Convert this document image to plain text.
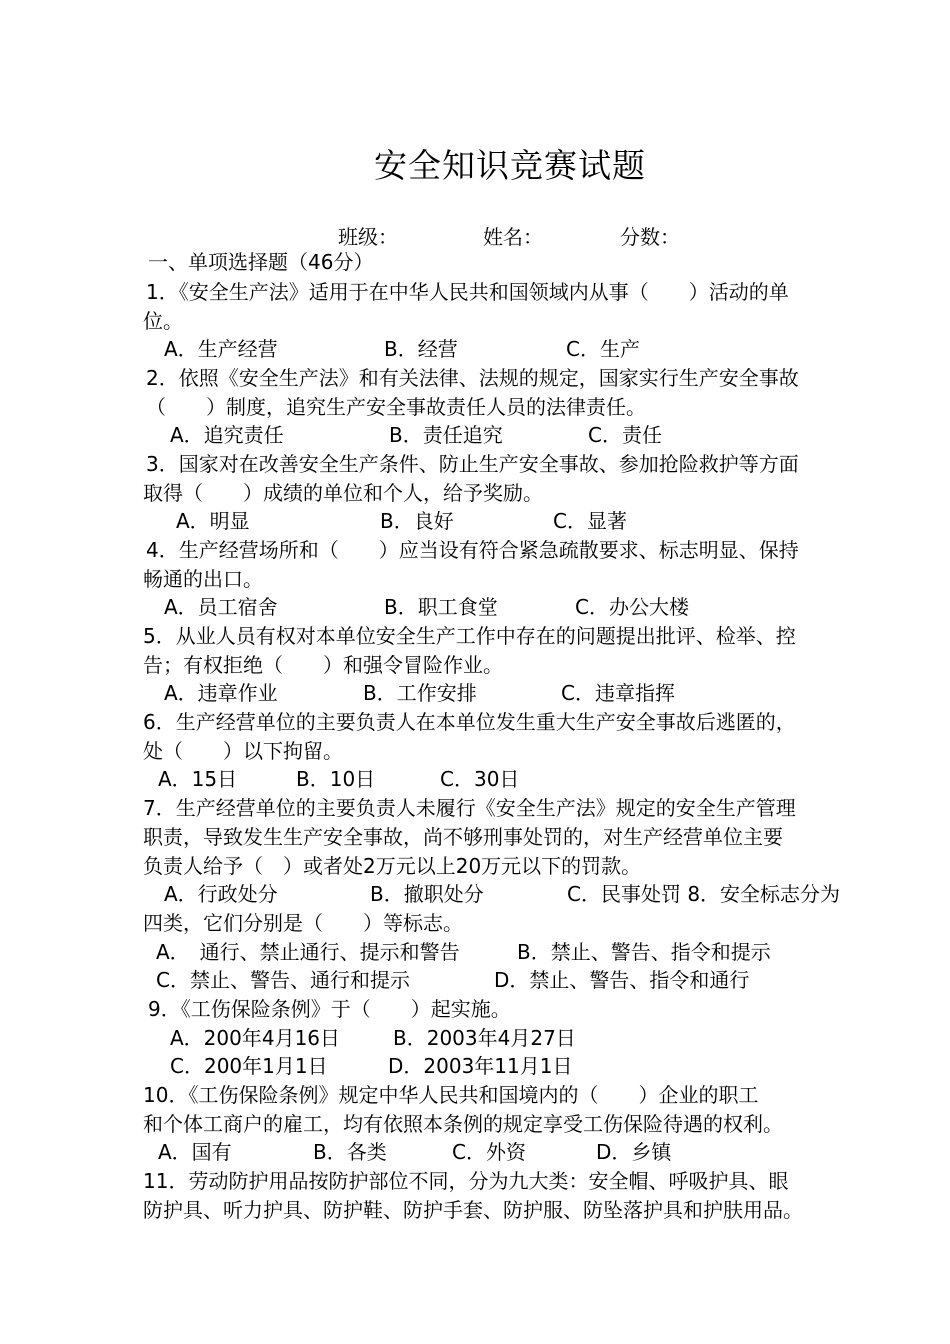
安全知识竞赛试题
班级：	姓名：	分数：
一、单项选择题（46分）
1．《安全生产法》适用于在中华人民共和国领域内从事（　　）活动的单
位。
A．生产经营	B．经营	C．生产
2．依照《安全生产法》和有关法律、法规的规定，国家实行生产安全事故
（　　）制度，追究生产安全事故责任人员的法律责任。
A．追究责任	B．责任追究	C．责任
3．国家对在改善安全生产条件、防止生产安全事故、参加抢险救护等方面
取得（　　）成绩的单位和个人，给予奖励。
A．明显	B．良好	C．显著
4．生产经营场所和（　　）应当设有符合紧急疏散要求、标志明显、保持
畅通的出口。
A．员工宿舍	B．职工食堂	C．办公大楼
5．从业人员有权对本单位安全生产工作中存在的问题提出批评、检举、控
告；有权拒绝（　　）和强令冒险作业。
A．违章作业	B．工作安排	C．违章指挥
6．生产经营单位的主要负责人在本单位发生重大生产安全事故后逃匿的，
处（　　）以下拘留。
A．15日	B．10日	C．30日
7．生产经营单位的主要负责人未履行《安全生产法》规定的安全生产管理
职责，导致发生生产安全事故，尚不够刑事处罚的，对生产经营单位主要
负责人给予（　）或者处2万元以上20万元以下的罚款。
A．行政处分	B．撤职处分	C．民事处罚 8．安全标志分为
四类，它们分别是（　　）等标志。
A．　通行、禁止通行、提示和警告	B．禁止、警告、指令和提示
C．禁止、警告、通行和提示	D．禁止、警告、指令和通行
9．《工伤保险条例》于（　　）起实施。
A．200年4月16日	B．2003年4月27日
C．200年1月1日	D．2003年11月1日
10．《工伤保险条例》规定中华人民共和国境内的（　　）企业的职工
和个体工商户的雇工，均有依照本条例的规定享受工伤保险待遇的权利。
A．国有	B．各类	C．外资	D．乡镇
11．劳动防护用品按防护部位不同，分为九大类：安全帽、呼吸护具、眼
防护具、听力护具、防护鞋、防护手套、防护服、防坠落护具和护肤用品。
